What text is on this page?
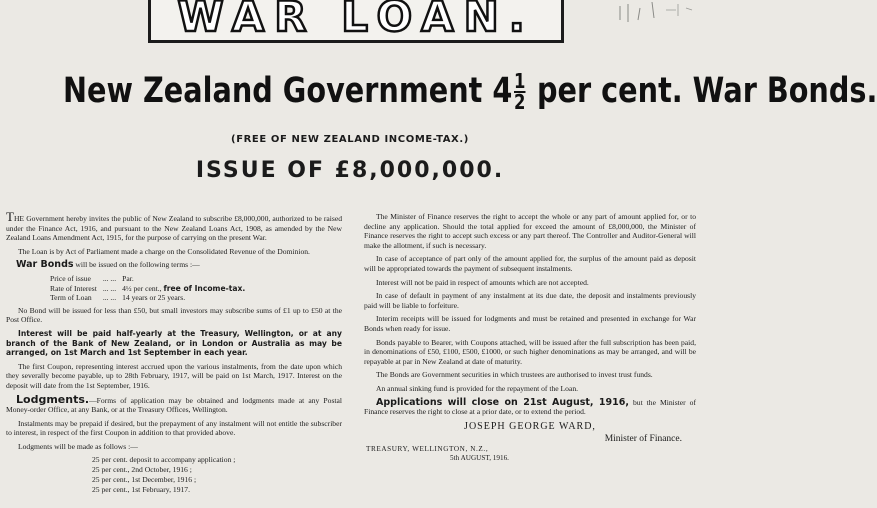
WAR LOAN.
New Zealand Government $4\frac{1}{2}$ per cent. War Bonds.
(FREE OF NEW ZEALAND INCOME-TAX.)
ISSUE OF £8,000,000.

THE Government hereby invites the public of New Zealand to subscribe £8,000,000, authorized to be raised under the Finance Act, 1916, and pursuant to the New Zealand Loans Act, 1908, as amended by the New Zealand Loans Amendment Act, 1915, for the purpose of carrying on the present War.

The Loan is by Act of Parliament made a charge on the Consolidated Revenue of the Dominion.

War Bonds will be issued on the following terms :—

Price of issue	... ...	Par.
Rate of Interest	... ...	4½ per cent., free of Income-tax.
Term of Loan	... ...	14 years or 25 years.

No Bond will be issued for less than £50, but small investors may subscribe sums of £1 up to £50 at the Post Office.

Interest will be paid half-yearly at the Treasury, Wellington, or at any branch of the Bank of New Zealand, or in London or Australia as may be arranged, on 1st March and 1st September in each year.

The first Coupon, representing interest accrued upon the various instalments, from the date upon which they severally become payable, up to 28th February, 1917, will be paid on 1st March, 1917. Interest on the deposit will date from the 1st September, 1916.

Lodgments.—Forms of application may be obtained and lodgments made at any Postal Money-order Office, at any Bank, or at the Treasury Offices, Wellington.

Instalments may be prepaid if desired, but the prepayment of any instalment will not entitle the subscriber to interest, in respect of the first Coupon in addition to that provided above.

Lodgments will be made as follows :—

25 per cent. deposit to accompany application ;
25 per cent., 2nd October, 1916 ;
25 per cent., 1st December, 1916 ;
25 per cent., 1st February, 1917.

The Minister of Finance reserves the right to accept the whole or any part of amount applied for, or to decline any application. Should the total applied for exceed the amount of £8,000,000, the Minister of Finance reserves the right to accept such excess or any part thereof. The Controller and Auditor-General will make the allotment, if such is necessary.

In case of acceptance of part only of the amount applied for, the surplus of the amount paid as deposit will be appropriated towards the payment of subsequent instalments.

Interest will not be paid in respect of amounts which are not accepted.

In case of default in payment of any instalment at its due date, the deposit and instalments previously paid will be liable to forfeiture.

Interim receipts will be issued for lodgments and must be retained and presented in exchange for War Bonds when ready for issue.

Bonds payable to Bearer, with Coupons attached, will be issued after the full subscription has been paid, in denominations of £50, £100, £500, £1000, or such higher denominations as may be arranged, and will be repayable at par in New Zealand at date of maturity.

The Bonds are Government securities in which trustees are authorised to invest trust funds.

An annual sinking fund is provided for the repayment of the Loan.

Applications will close on 21st August, 1916, but the Minister of Finance reserves the right to close at a prior date, or to extend the period.

JOSEPH GEORGE WARD,
Minister of Finance.
TREASURY, WELLINGTON, N.Z.,
5th AUGUST, 1916.
